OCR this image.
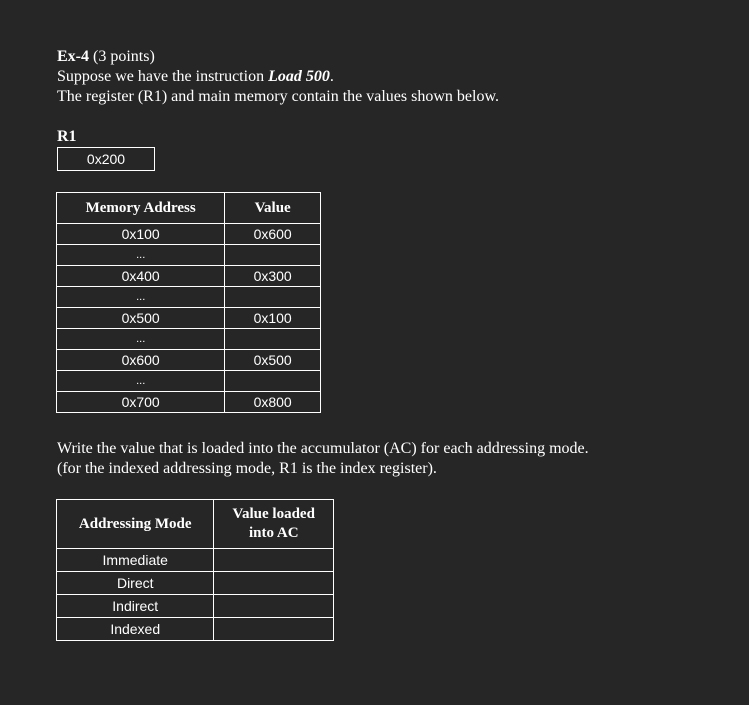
Ex-4 (3 points)
Suppose we have the instruction Load 500.
The register (R1) and main memory contain the values shown below.
R1
0x200
Memory Address	Value
0x100	0x600
...	
0x400	0x300
...	
0x500	0x100
...	
0x600	0x500
...	
0x700	0x800
Write the value that is loaded into the accumulator (AC) for each addressing mode.
(for the indexed addressing mode, R1 is the index register).
Addressing Mode	Value loaded
into AC
Immediate	
Direct	
Indirect	
Indexed	
